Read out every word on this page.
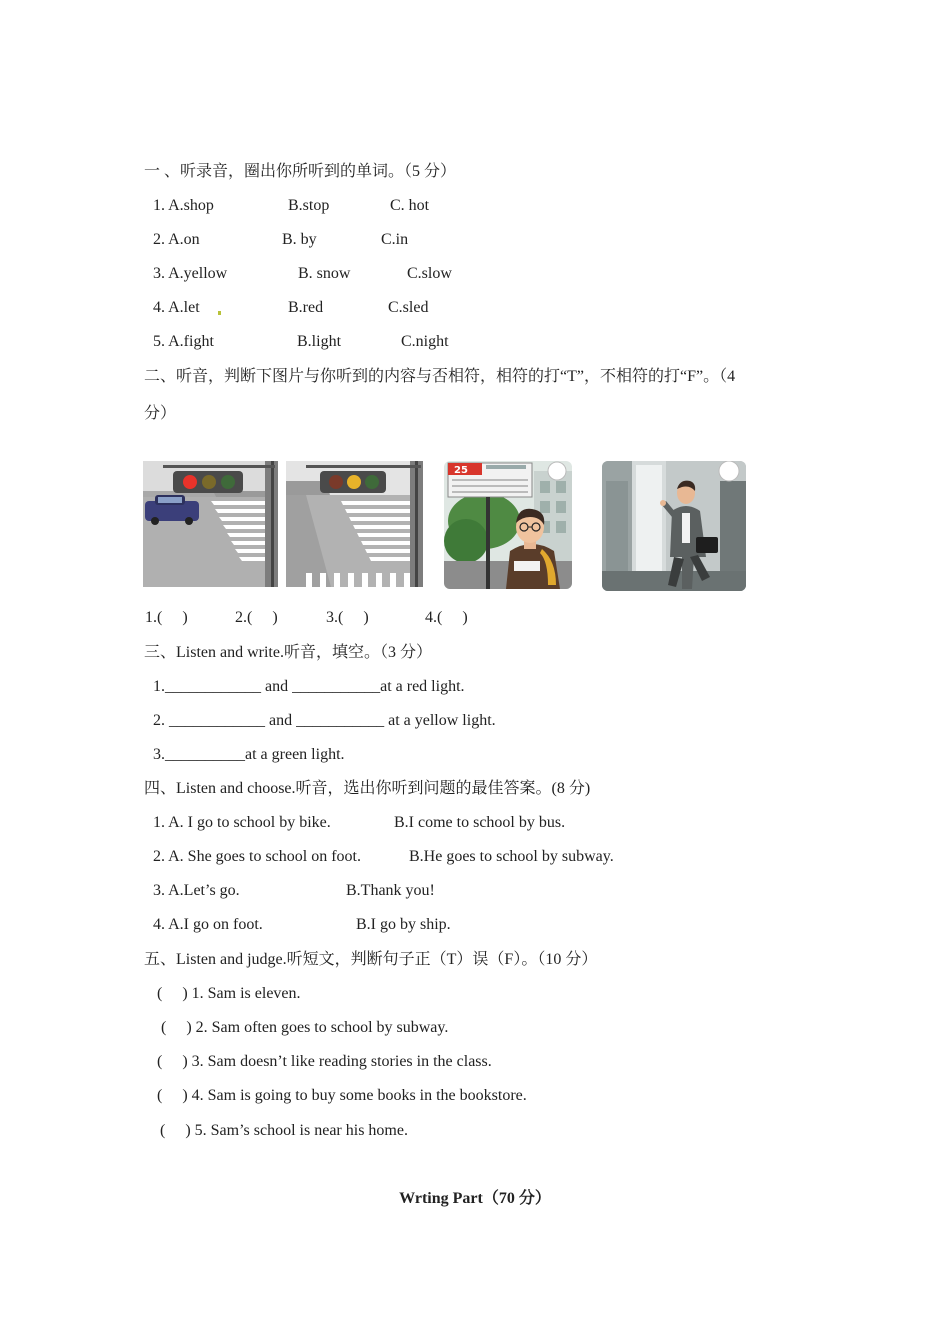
一 、听录音，圈出你所听到的单词。（5 分）
1. A.shop	B.stop	C. hot
2. A.on	B. by	C.in
3. A.yellow	B. snow	C.slow
4. A.let	B.red	C.sled
5. A.fight	B.light	C.night
二、听音，判断下图片与你听到的内容与否相符，相符的打“T”，不相符的打“F”。（4
分）
25
1.(     )	2.(     )	3.(     )	4.(     )
三、Listen and write.听音，填空。（3 分）
1.____________ and ___________at a red light.
2. ____________ and ___________ at a yellow light.
3.__________at a green light.
四、Listen and choose.听音，选出你听到问题的最佳答案。(8 分)
1. A. I go to school by bike.	B.I come to school by bus.
2. A. She goes to school on foot.	B.He goes to school by subway.
3. A.Let’s go.	B.Thank you!
4. A.I go on foot.	B.I go by ship.
五、Listen and judge.听短文，判断句子正（T）误（F）。（10 分）
(     ) 1. Sam is eleven.
(     ) 2. Sam often goes to school by subway.
(     ) 3. Sam doesn’t like reading stories in the class.
(     ) 4. Sam is going to buy some books in the bookstore.
(     ) 5. Sam’s school is near his home.
Wrting Part（70 分）
